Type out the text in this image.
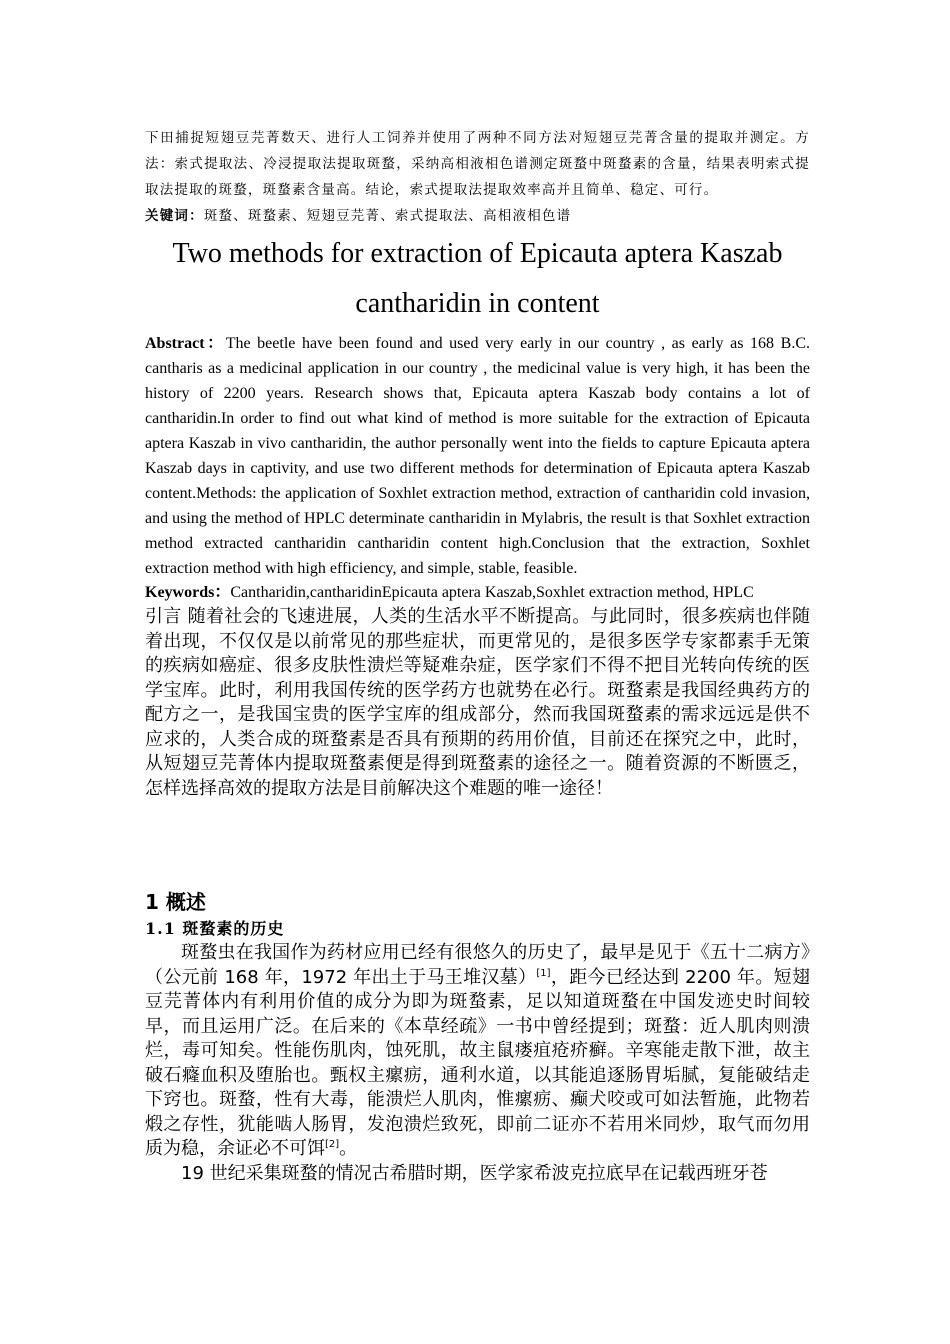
下田捕捉短翅豆芫菁数天、进行人工饲养并使用了两种不同方法对短翅豆芫菁含量的提取并测定。方法：索式提取法、冷浸提取法提取斑蝥，采纳高相液相色谱测定斑蝥中斑蝥素的含量，结果表明索式提取法提取的斑蝥，斑蝥素含量高。结论，索式提取法提取效率高并且简单、稳定、可行。
关键词：斑蝥、斑蝥素、短翅豆芫菁、索式提取法、高相液相色谱
Two methods for extraction of Epicauta aptera Kaszab cantharidin in content
Abstract：The beetle have been found and used very early in our country , as early as 168 B.C. cantharis as a medicinal application in our country , the medicinal value is very high, it has been the history of 2200 years. Research shows that, Epicauta aptera Kaszab body contains a lot of cantharidin.In order to find out what kind of method is more suitable for the extraction of Epicauta aptera Kaszab in vivo cantharidin, the author personally went into the fields to capture Epicauta aptera Kaszab days in captivity, and use two different methods for determination of Epicauta aptera Kaszab content.Methods: the application of Soxhlet extraction method, extraction of cantharidin cold invasion, and using the method of HPLC determinate cantharidin in Mylabris, the result is that Soxhlet extraction method extracted cantharidin cantharidin content high.Conclusion that the extraction, Soxhlet extraction method with high efficiency, and simple, stable, feasible.
Keywords：Cantharidin,cantharidinEpicauta aptera Kaszab,Soxhlet extraction method, HPLC
引言 随着社会的飞速进展，人类的生活水平不断提高。与此同时，很多疾病也伴随着出现，不仅仅是以前常见的那些症状，而更常见的，是很多医学专家都素手无策的疾病如癌症、很多皮肤性溃烂等疑难杂症，医学家们不得不把目光转向传统的医学宝库。此时，利用我国传统的医学药方也就势在必行。斑蝥素是我国经典药方的配方之一，是我国宝贵的医学宝库的组成部分，然而我国斑蝥素的需求远远是供不应求的，人类合成的斑蝥素是否具有预期的药用价值，目前还在探究之中，此时，从短翅豆芫菁体内提取斑蝥素便是得到斑蝥素的途径之一。随着资源的不断匮乏，怎样选择高效的提取方法是目前解决这个难题的唯一途径！
1 概述
1.1 斑蝥素的历史
斑蝥虫在我国作为药材应用已经有很悠久的历史了，最早是见于《五十二病方》（公元前 168 年，1972 年出土于马王堆汉墓）[1]，距今已经达到 2200 年。短翅豆芫菁体内有利用价值的成分为即为斑蝥素，足以知道斑蝥在中国发迹史时间较早，而且运用广泛。在后来的《本草经疏》一书中曾经提到；斑蝥：近人肌肉则溃烂，毒可知矣。性能伤肌肉，蚀死肌，故主鼠瘘疽疮疥癣。辛寒能走散下泄，故主破石癃血积及堕胎也。甄权主瘰疬，通利水道，以其能追逐肠胃垢腻，复能破结走下窍也。斑蝥，性有大毒，能溃烂人肌肉，惟瘰疬、癫犬咬或可如法暂施，此物若煅之存性，犹能啮人肠胃，发泡溃烂致死，即前二证亦不若用米同炒，取气而勿用质为稳，余证必不可饵[2]。
19 世纪采集斑蝥的情况古希腊时期，医学家希波克拉底早在记载西班牙苍
